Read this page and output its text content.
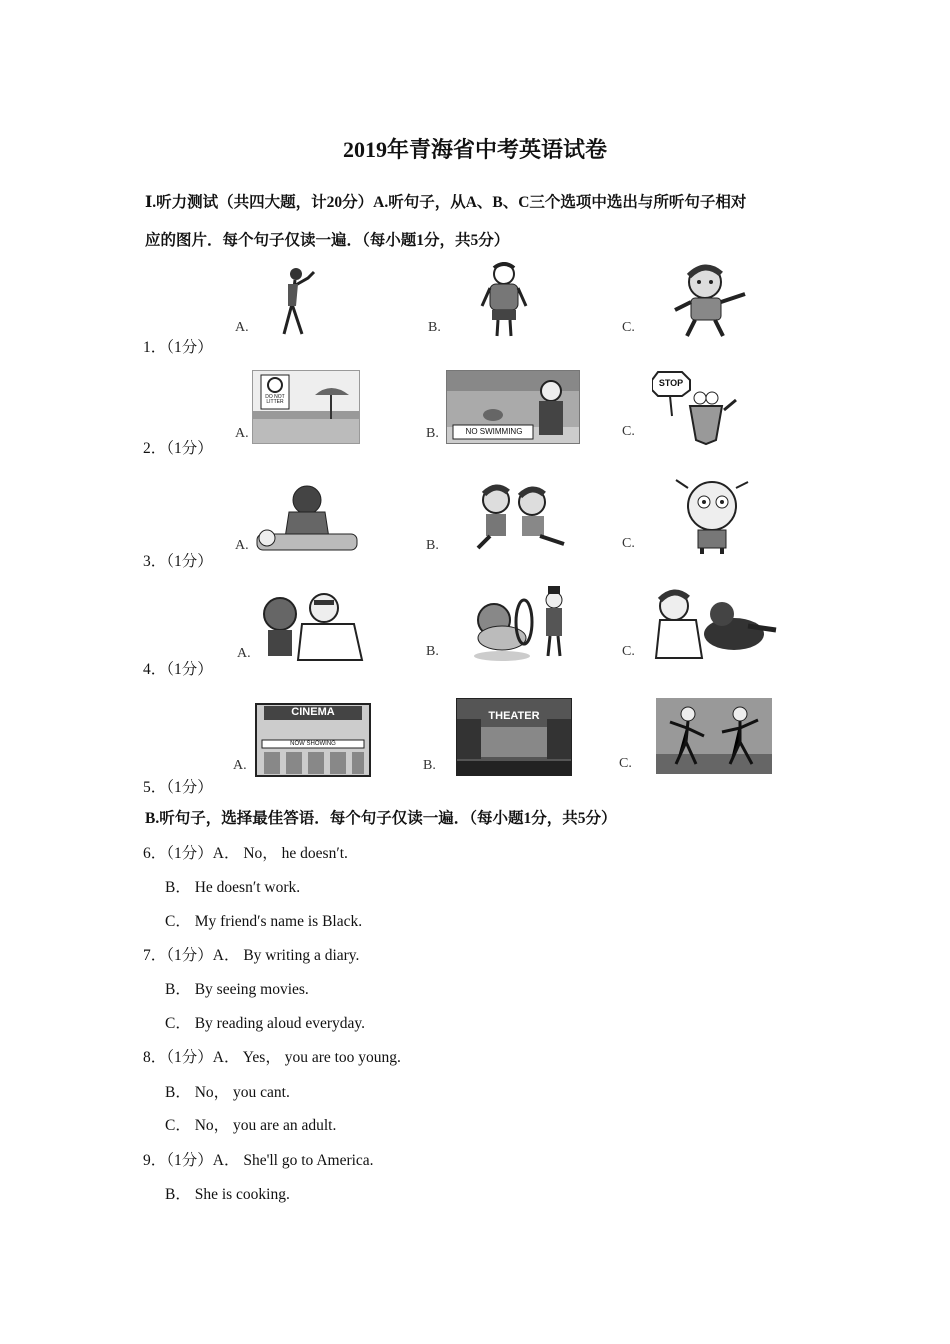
2019年青海省中考英语试卷
Ⅰ.听力测试（共四大题，计20分）A.听句子，从A、B、C三个选项中选出与所听句子相对
应的图片．每个句子仅读一遍．（每小题1分，共5分）
1．（1分）
A.	B.	C.
2．（1分）
A.	B.	C.
DO NOT LITTER
NO SWIMMING
STOP
3．（1分）
A.	B.	C.
4．（1分）
A.	B.	C.
5．（1分）
A.	B.	C.
CINEMA
NOW SHOWING
THEATER
B.听句子，选择最佳答语．每个句子仅读一遍．（每小题1分，共5分）
6．（1分）A． No， he doesn′t.
B． He doesn′t work.
C． My friend′s name is Black.
7．（1分）A． By writing a diary.
B． By seeing movies.
C． By reading aloud everyday.
8．（1分）A． Yes， you are too young.
B． No， you cant.
C． No， you are an adult.
9．（1分）A． She'll go to America.
B． She is cooking.
